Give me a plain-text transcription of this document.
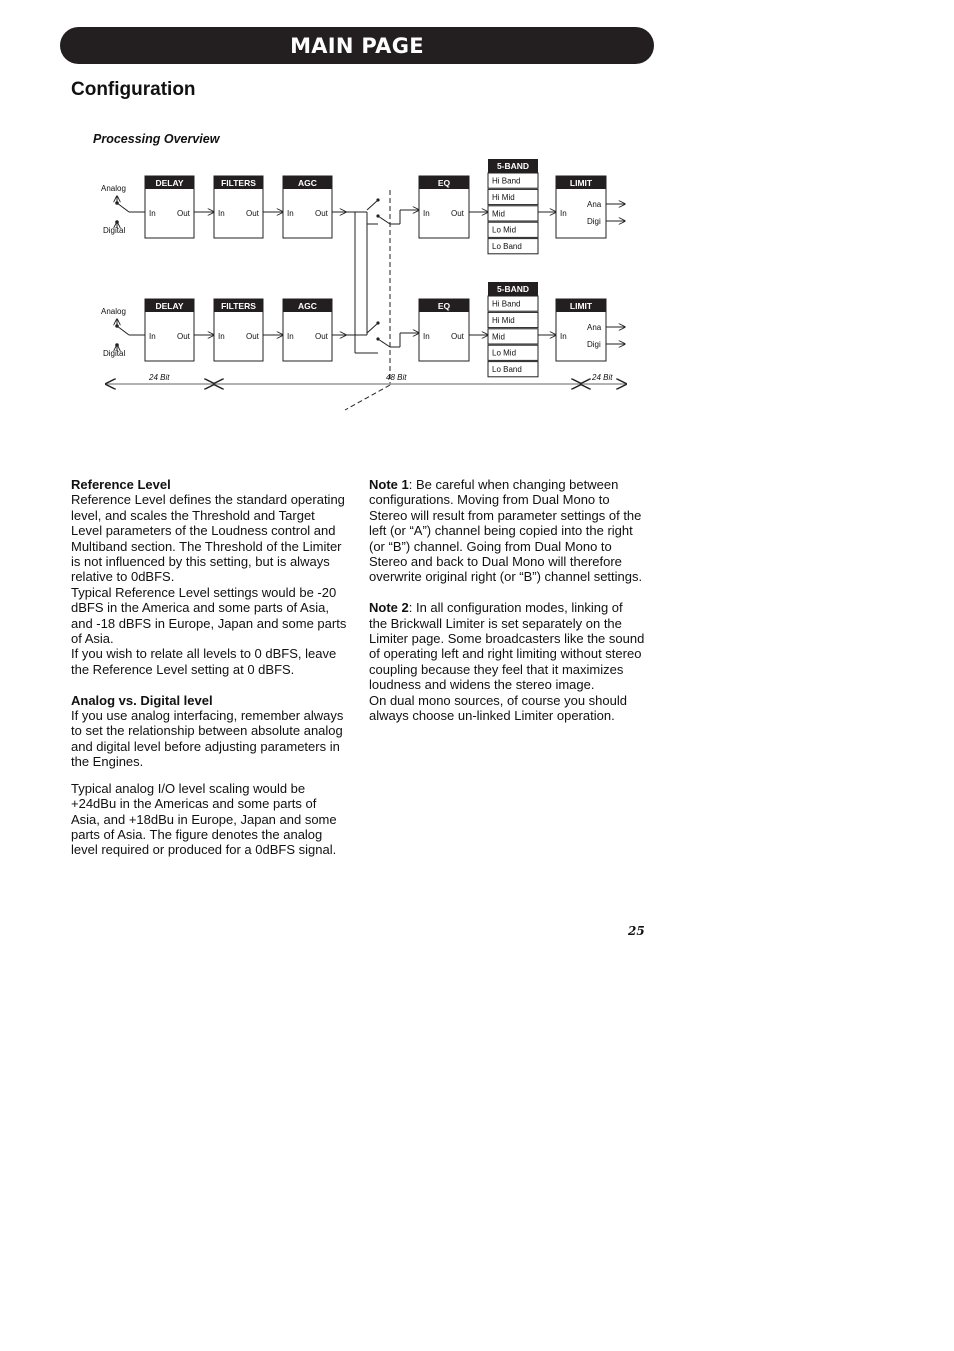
MAIN PAGE
Configuration
Processing Overview
Analog
Digital
DELAY
In	Out
FILTERS
In	Out
AGC
In	Out
EQ
In	Out
5-BAND
Hi Band
Hi Mid
Mid
Lo Mid
Lo Band
LIMIT
In
Ana
Digi
Analog
Digital
DELAY
In	Out
FILTERS
In	Out
AGC
In	Out
EQ
In	Out
5-BAND
Hi Band
Hi Mid
Mid
Lo Mid
Lo Band
LIMIT
In
Ana
Digi
24 Bit	48 Bit	24 Bit

Reference Level

Reference Level defines the standard operating

level, and scales the Threshold and Target

Level parameters of the Loudness control and

Multiband section. The Threshold of the Limiter

is not influenced by this setting, but is always

relative to 0dBFS.

Typical Reference Level settings would be -20

dBFS in the America and some parts of Asia,

and -18 dBFS in Europe, Japan and some parts

of Asia.

If you wish to relate all levels to 0 dBFS, leave

the Reference Level setting at 0 dBFS.

Analog vs. Digital level

If you use analog interfacing, remember always

to set the relationship between absolute analog

and digital level before adjusting parameters in

the Engines.

Typical analog I/O level scaling would be

+24dBu in the Americas and some parts of

Asia, and +18dBu in Europe, Japan and some

parts of Asia. The figure denotes the analog

level required or produced for a 0dBFS signal.

Note 1: Be careful when changing between

configurations. Moving from Dual Mono to

Stereo will result from parameter settings of the

left (or “A”) channel being copied into the right

(or “B”) channel. Going from Dual Mono to

Stereo and back to Dual Mono will therefore

overwrite original right (or “B”) channel settings.

Note 2: In all configuration modes, linking of

the Brickwall Limiter is set separately on the

Limiter page. Some broadcasters like the sound

of operating left and right limiting without stereo

coupling because they feel that it maximizes

loudness and widens the stereo image.

On dual mono sources, of course you should

always choose un-linked Limiter operation.

25
